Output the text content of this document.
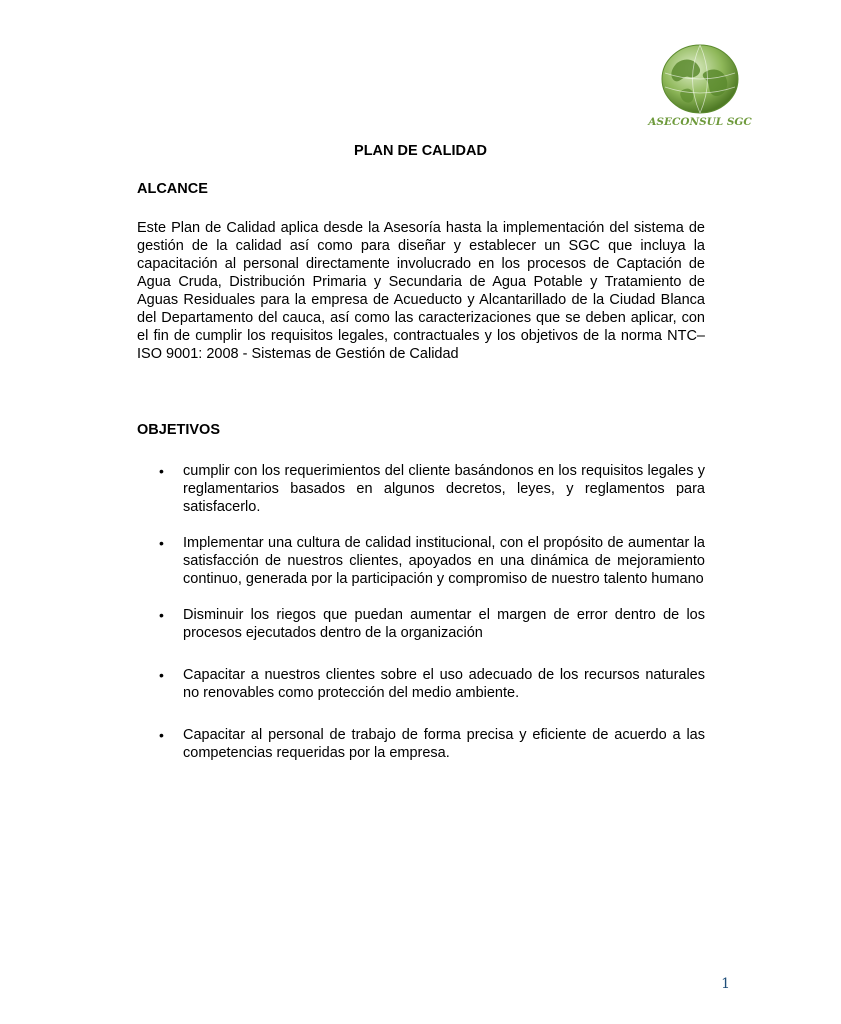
ASECONSUL SGC
PLAN DE CALIDAD
ALCANCE

Este Plan de Calidad aplica desde la Asesoría hasta la implementación del sistema de gestión de la calidad así como para diseñar y establecer un SGC que incluya la capacitación al personal directamente involucrado en los procesos de Captación de Agua Cruda, Distribución Primaria y Secundaria de Agua Potable y Tratamiento de Aguas Residuales para la empresa de Acueducto y Alcantarillado de la Ciudad Blanca del Departamento del cauca, así como las caracterizaciones que se deben aplicar, con el fin de cumplir los requisitos legales, contractuales y los objetivos de la norma NTC–ISO 9001: 2008 - Sistemas de Gestión de Calidad

OBJETIVOS
• cumplir con los requerimientos del cliente basándonos en los requisitos legales y reglamentarios basados en algunos decretos, leyes, y reglamentos para satisfacerlo.
• Implementar una cultura de calidad institucional, con el propósito de aumentar la satisfacción de nuestros clientes, apoyados en una dinámica de mejoramiento continuo, generada por la participación y compromiso de nuestro talento humano
• Disminuir los riegos que puedan aumentar el margen de error dentro de los procesos ejecutados dentro de la organización
• Capacitar a nuestros clientes sobre el uso adecuado de los recursos naturales no renovables como protección del medio ambiente.
• Capacitar al personal de trabajo de forma precisa y eficiente de acuerdo a las competencias requeridas por la empresa.
1
